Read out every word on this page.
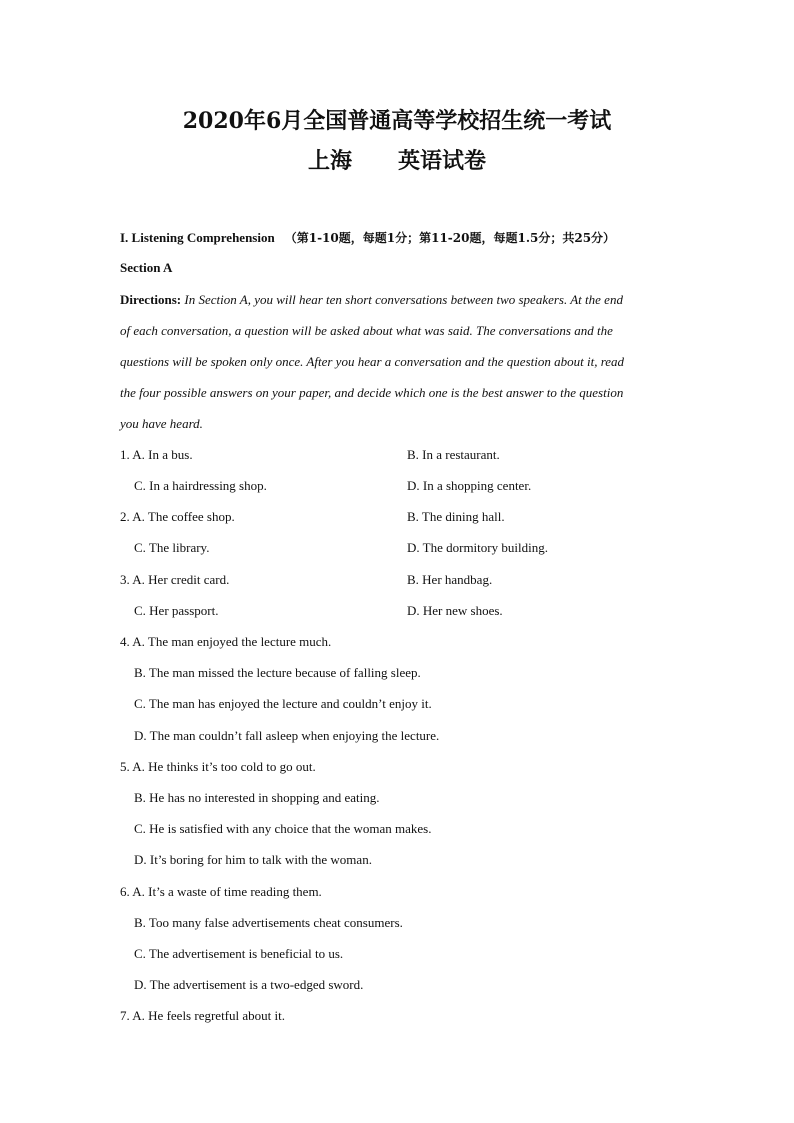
2020年6月全国普通高等学校招生统一考试
上海 英语试卷
I. Listening Comprehension （第1-10题，每题1分；第11-20题，每题1.5分；共25分）
Section A
Directions: In Section A, you will hear ten short conversations between two speakers. At the end
of each conversation, a question will be asked about what was said. The conversations and the
questions will be spoken only once. After you hear a conversation and the question about it, read
the four possible answers on your paper, and decide which one is the best answer to the question
you have heard.
1. A. In a bus.	B. In a restaurant.
C. In a hairdressing shop.	D. In a shopping center.
2. A. The coffee shop.	B. The dining hall.
C. The library.	D. The dormitory building.
3. A. Her credit card.	B. Her handbag.
C. Her passport.	D. Her new shoes.
4. A. The man enjoyed the lecture much.
B. The man missed the lecture because of falling sleep.
C. The man has enjoyed the lecture and couldn’t enjoy it.
D. The man couldn’t fall asleep when enjoying the lecture.
5. A. He thinks it’s too cold to go out.
B. He has no interested in shopping and eating.
C. He is satisfied with any choice that the woman makes.
D. It’s boring for him to talk with the woman.
6. A. It’s a waste of time reading them.
B. Too many false advertisements cheat consumers.
C. The advertisement is beneficial to us.
D. The advertisement is a two-edged sword.
7. A. He feels regretful about it.
